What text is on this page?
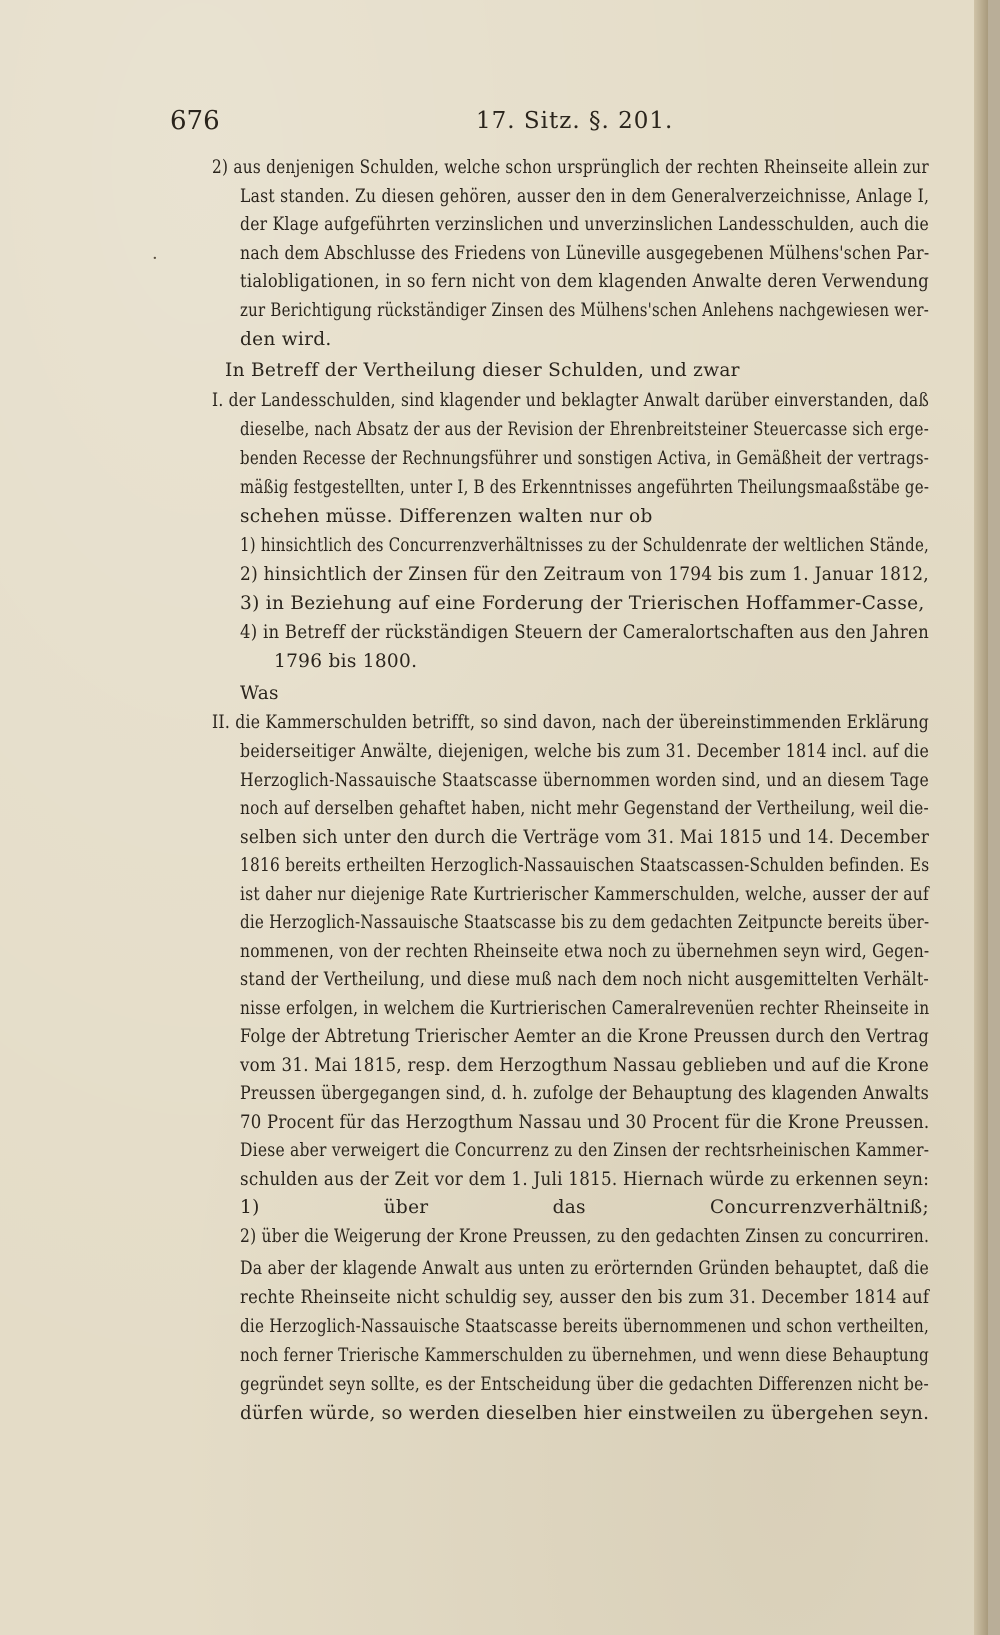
676	17. Sitz. §. 201.
·
2) aus denjenigen Schulden, welche schon ursprünglich der rechten Rheinseite allein zur
Last standen. Zu diesen gehören, ausser den in dem Generalverzeichnisse, Anlage I,
der Klage aufgeführten verzinslichen und unverzinslichen Landesschulden, auch die
nach dem Abschlusse des Friedens von Lüneville ausgegebenen Mülhens'schen Par-
tialobligationen, in so fern nicht von dem klagenden Anwalte deren Verwendung
zur Berichtigung rückständiger Zinsen des Mülhens'schen Anlehens nachgewiesen wer-
den wird.
In Betreff der Vertheilung dieser Schulden, und zwar
I. der Landesschulden, sind klagender und beklagter Anwalt darüber einverstanden, daß
dieselbe, nach Absatz der aus der Revision der Ehrenbreitsteiner Steuercasse sich erge-
benden Recesse der Rechnungsführer und sonstigen Activa, in Gemäßheit der vertrags-
mäßig festgestellten, unter I, B des Erkenntnisses angeführten Theilungsmaaßstäbe ge-
schehen müsse. Differenzen walten nur ob
1) hinsichtlich des Concurrenzverhältnisses zu der Schuldenrate der weltlichen Stände,
2) hinsichtlich der Zinsen für den Zeitraum von 1794 bis zum 1. Januar 1812,
3) in Beziehung auf eine Forderung der Trierischen Hoffammer-Casse,
4) in Betreff der rückständigen Steuern der Cameralortschaften aus den Jahren
1796 bis 1800.
Was
II. die Kammerschulden betrifft, so sind davon, nach der übereinstimmenden Erklärung
beiderseitiger Anwälte, diejenigen, welche bis zum 31. December 1814 incl. auf die
Herzoglich-Nassauische Staatscasse übernommen worden sind, und an diesem Tage
noch auf derselben gehaftet haben, nicht mehr Gegenstand der Vertheilung, weil die-
selben sich unter den durch die Verträge vom 31. Mai 1815 und 14. December
1816 bereits ertheilten Herzoglich-Nassauischen Staatscassen-Schulden befinden. Es
ist daher nur diejenige Rate Kurtrierischer Kammerschulden, welche, ausser der auf
die Herzoglich-Nassauische Staatscasse bis zu dem gedachten Zeitpuncte bereits über-
nommenen, von der rechten Rheinseite etwa noch zu übernehmen seyn wird, Gegen-
stand der Vertheilung, und diese muß nach dem noch nicht ausgemittelten Verhält-
nisse erfolgen, in welchem die Kurtrierischen Cameralrevenüen rechter Rheinseite in
Folge der Abtretung Trierischer Aemter an die Krone Preussen durch den Vertrag
vom 31. Mai 1815, resp. dem Herzogthum Nassau geblieben und auf die Krone
Preussen übergegangen sind, d. h. zufolge der Behauptung des klagenden Anwalts
70 Procent für das Herzogthum Nassau und 30 Procent für die Krone Preussen.
Diese aber verweigert die Concurrenz zu den Zinsen der rechtsrheinischen Kammer-
schulden aus der Zeit vor dem 1. Juli 1815. Hiernach würde zu erkennen seyn:
1) über das Concurrenzverhältniß;
2) über die Weigerung der Krone Preussen, zu den gedachten Zinsen zu concurriren.
Da aber der klagende Anwalt aus unten zu erörternden Gründen behauptet, daß die
rechte Rheinseite nicht schuldig sey, ausser den bis zum 31. December 1814 auf
die Herzoglich-Nassauische Staatscasse bereits übernommenen und schon vertheilten,
noch ferner Trierische Kammerschulden zu übernehmen, und wenn diese Behauptung
gegründet seyn sollte, es der Entscheidung über die gedachten Differenzen nicht be-
dürfen würde, so werden dieselben hier einstweilen zu übergehen seyn.
